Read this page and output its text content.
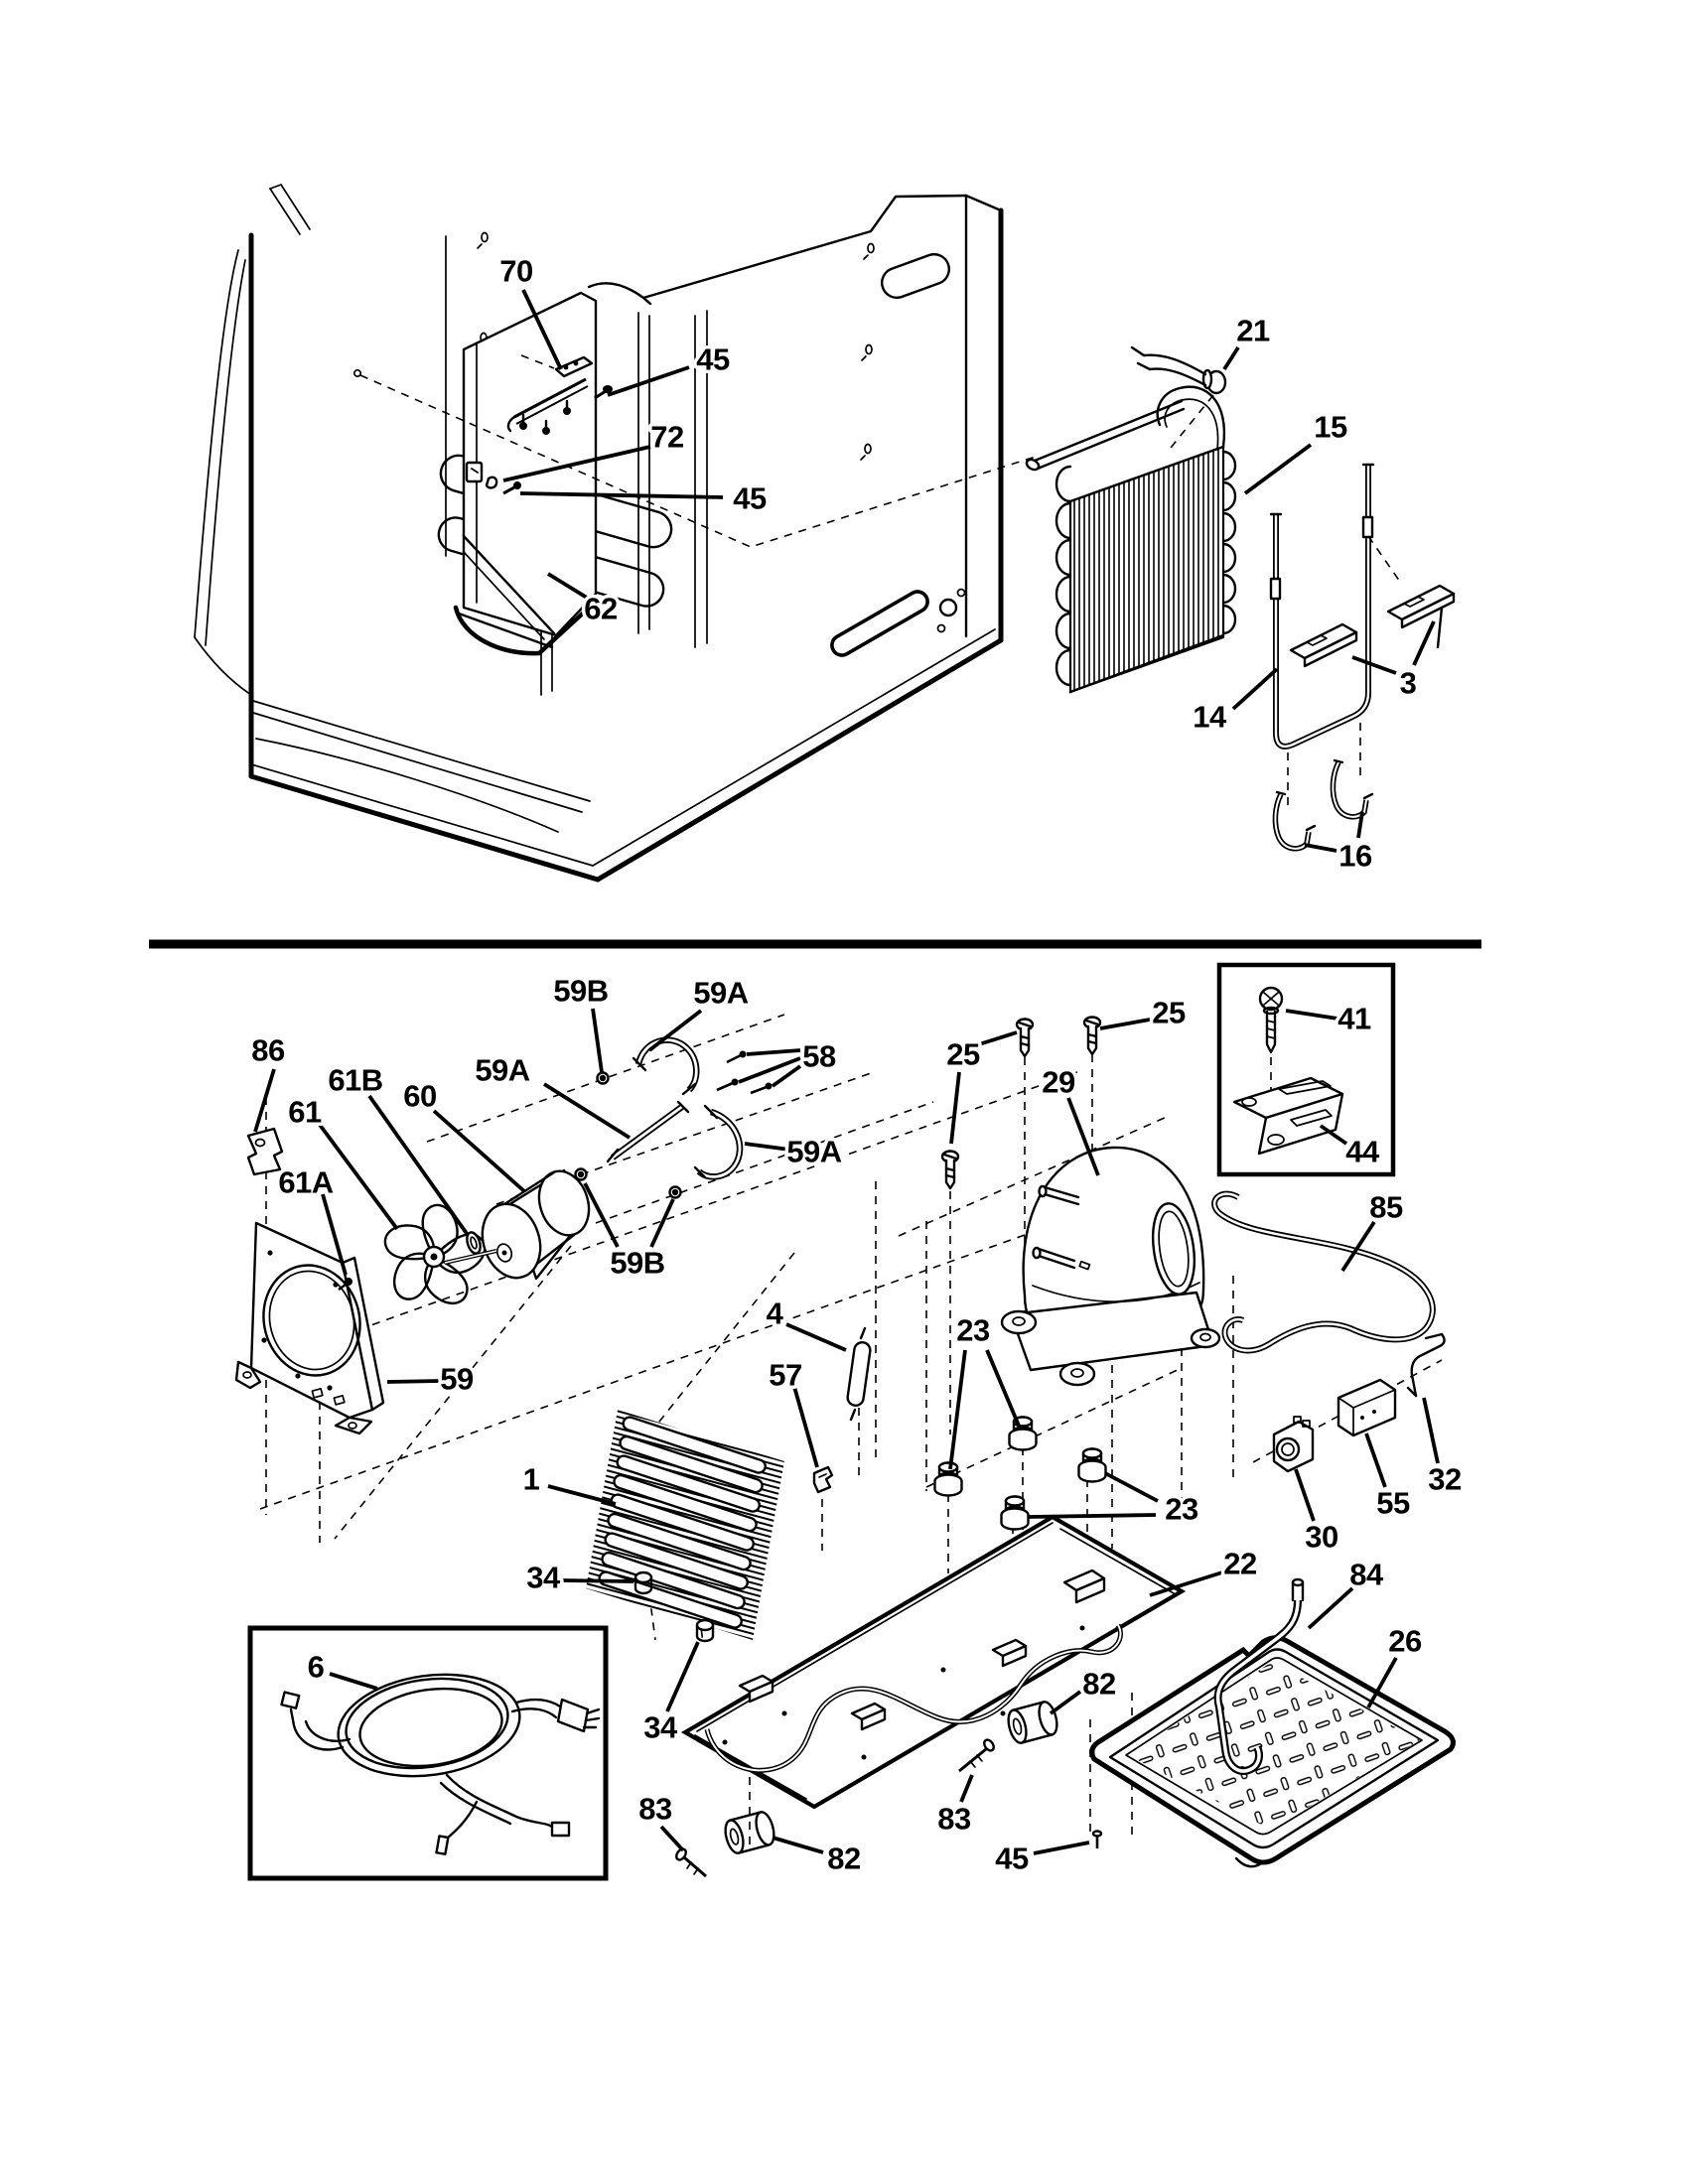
70
45
72
45
62
21
15
3
14
16
59B	59A
86	58
59A
61B 60
61
59A
61A
25
25
29
41
44
85
59B
4	23
57
59
30
55
32
1
23
22	84
34
26
6	82
34
83	83
82	45
